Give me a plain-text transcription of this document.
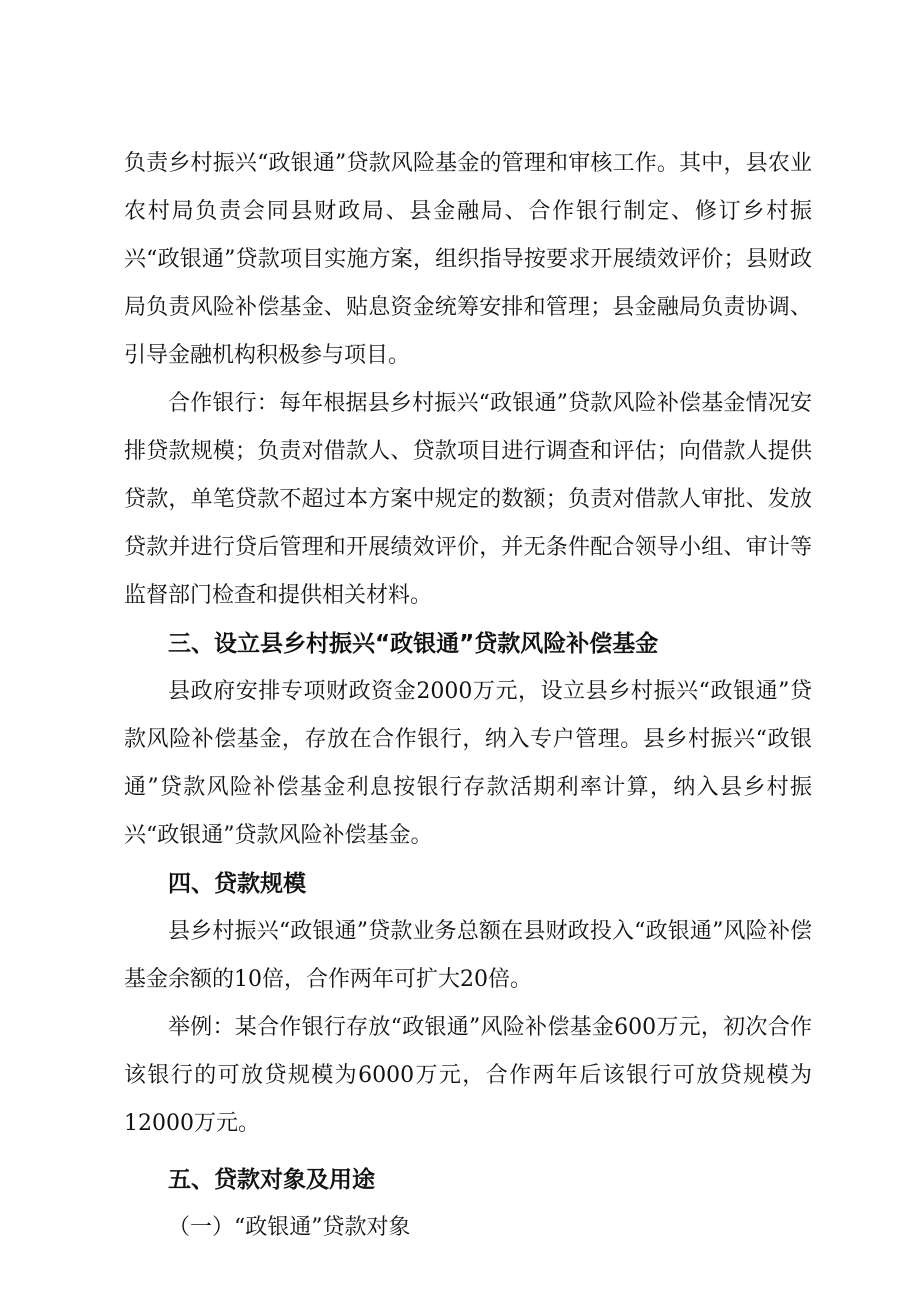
负责乡村振兴“政银通”贷款风险基金的管理和审核工作。其中，县农业农村局负责会同县财政局、县金融局、合作银行制定、修订乡村振兴“政银通”贷款项目实施方案，组织指导按要求开展绩效评价；县财政局负责风险补偿基金、贴息资金统筹安排和管理；县金融局负责协调、引导金融机构积极参与项目。

合作银行：每年根据县乡村振兴“政银通”贷款风险补偿基金情况安排贷款规模；负责对借款人、贷款项目进行调查和评估；向借款人提供贷款，单笔贷款不超过本方案中规定的数额；负责对借款人审批、发放贷款并进行贷后管理和开展绩效评价，并无条件配合领导小组、审计等监督部门检查和提供相关材料。

三、设立县乡村振兴“政银通”贷款风险补偿基金

县政府安排专项财政资金2000万元，设立县乡村振兴“政银通”贷款风险补偿基金，存放在合作银行，纳入专户管理。县乡村振兴“政银通”贷款风险补偿基金利息按银行存款活期利率计算，纳入县乡村振兴“政银通”贷款风险补偿基金。

四、贷款规模

县乡村振兴“政银通”贷款业务总额在县财政投入“政银通”风险补偿基金余额的10倍，合作两年可扩大20倍。

举例：某合作银行存放“政银通”风险补偿基金600万元，初次合作该银行的可放贷规模为6000万元，合作两年后该银行可放贷规模为12000万元。

五、贷款对象及用途

（一）“政银通”贷款对象
